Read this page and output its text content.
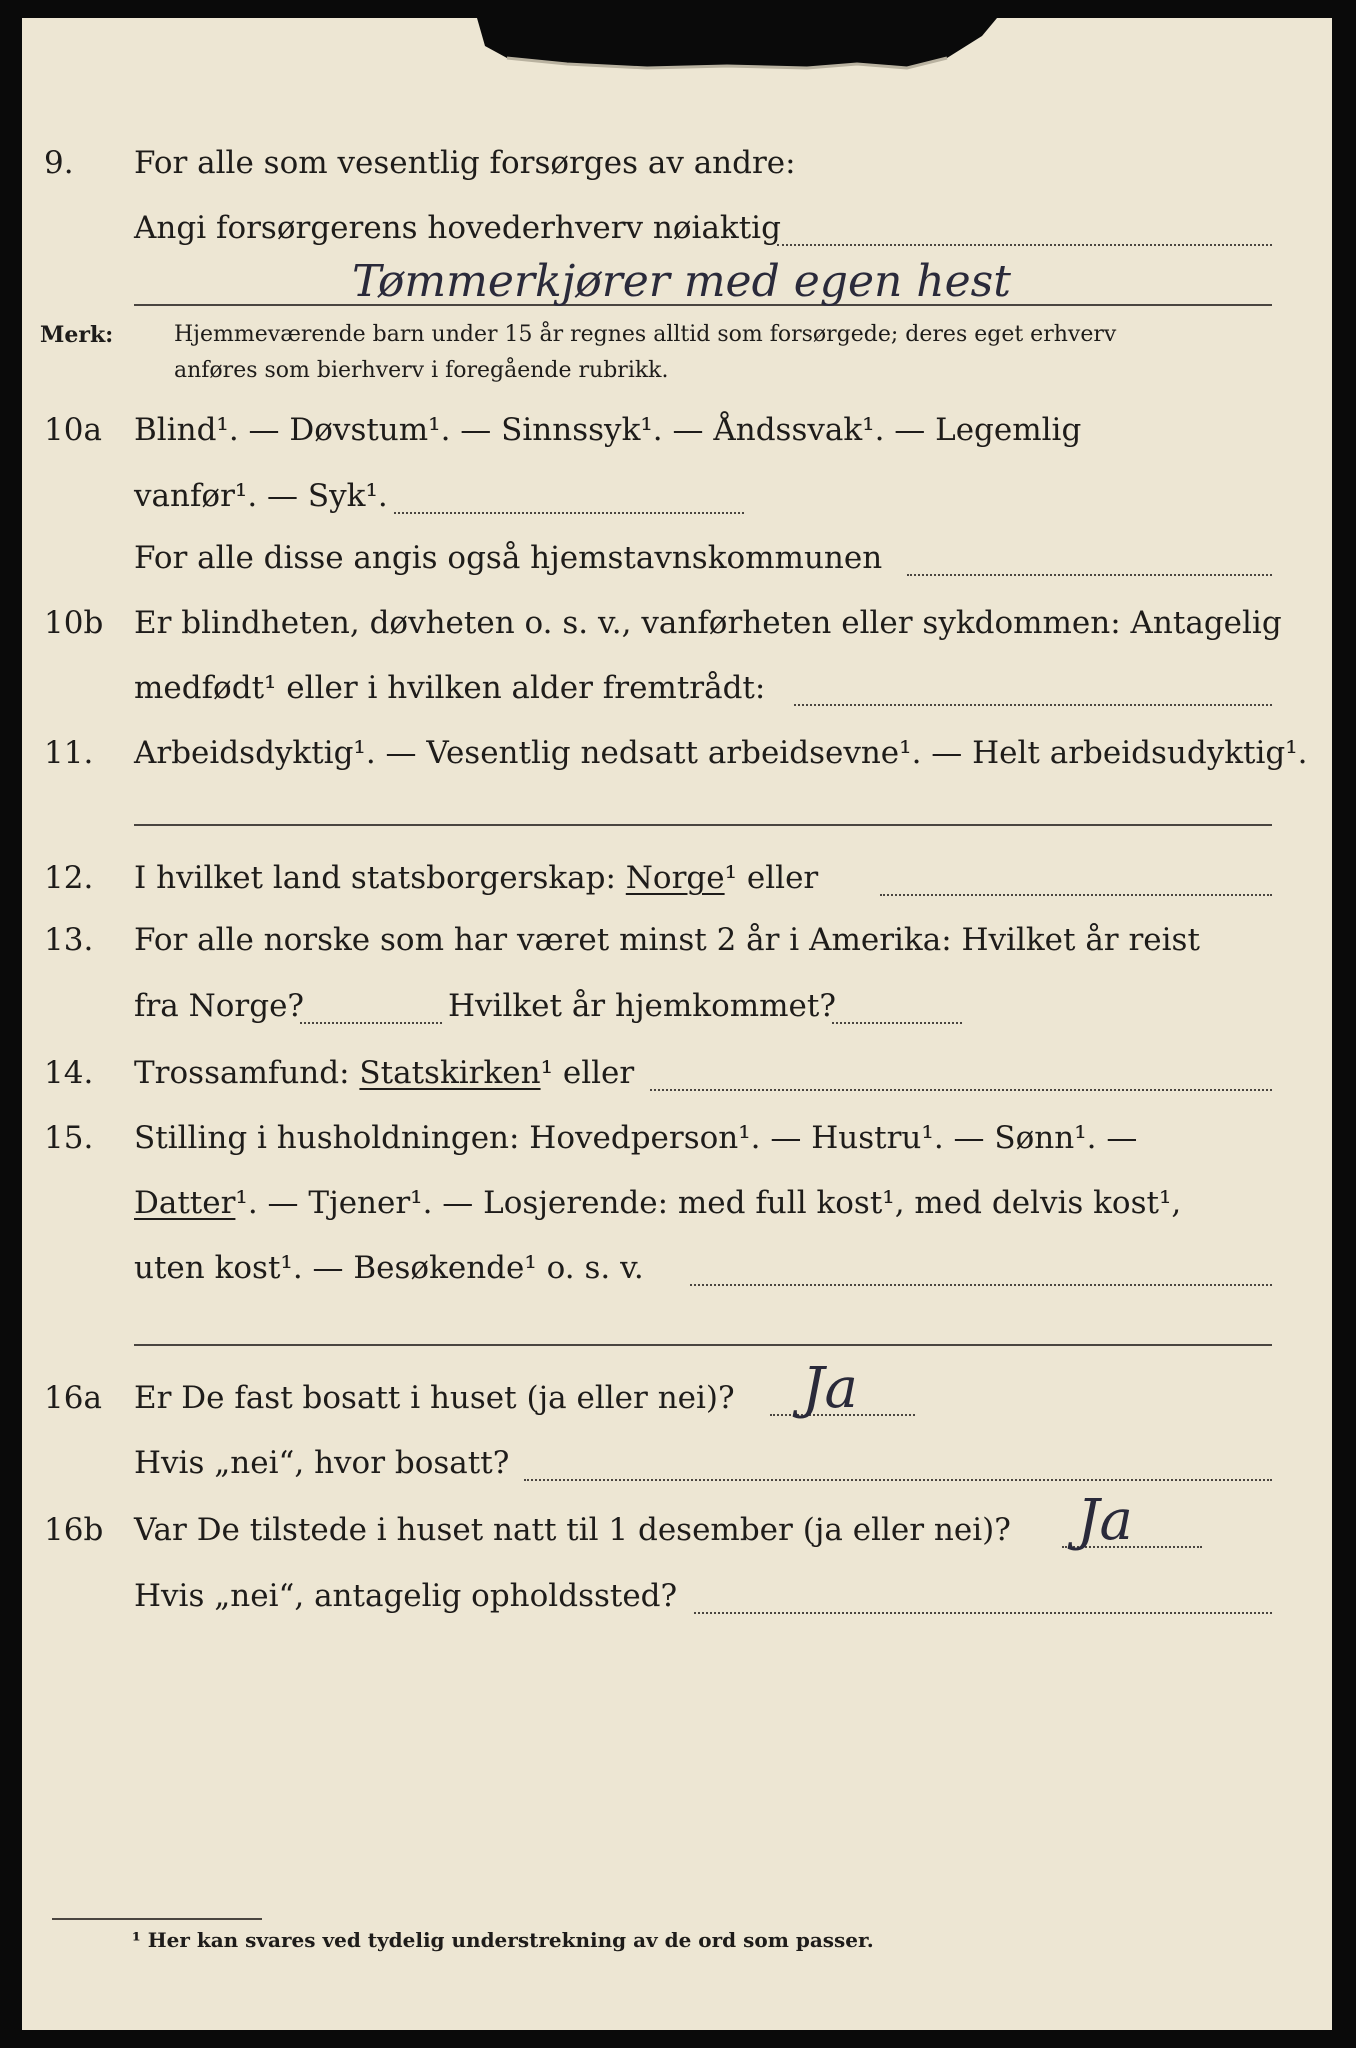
9. For alle som vesentlig forsørges av andre:
Angi forsørgerens hovederhverv nøiaktig
Tømmerkjører med egen hest
Merk:	Hjemmeværende barn under 15 år regnes alltid som forsørgede; deres eget erhverv
anføres som bierhverv i foregående rubrikk.
10a Blind¹. — Døvstum¹. — Sinnssyk¹. — Åndssvak¹. — Legemlig
vanfør¹. — Syk¹.
For alle disse angis også hjemstavnskommunen
10b Er blindheten, døvheten o. s. v., vanførheten eller sykdommen: Antagelig
medfødt¹ eller i hvilken alder fremtrådt:
11. Arbeidsdyktig¹. — Vesentlig nedsatt arbeidsevne¹. — Helt arbeidsudyktig¹.
12. I hvilket land statsborgerskap: Norge¹ eller
13. For alle norske som har været minst 2 år i Amerika: Hvilket år reist
fra Norge?	Hvilket år hjemkommet?
14. Trossamfund: Statskirken¹ eller
15. Stilling i husholdningen: Hovedperson¹. — Hustru¹. — Sønn¹. —
Datter¹. — Tjener¹. — Losjerende: med full kost¹, med delvis kost¹,
uten kost¹. — Besøkende¹ o. s. v.
16a Er De fast bosatt i huset (ja eller nei)? Ja
Hvis „nei“, hvor bosatt?
16b Var De tilstede i huset natt til 1 desember (ja eller nei)? Ja
Hvis „nei“, antagelig opholdssted?
¹ Her kan svares ved tydelig understrekning av de ord som passer.
